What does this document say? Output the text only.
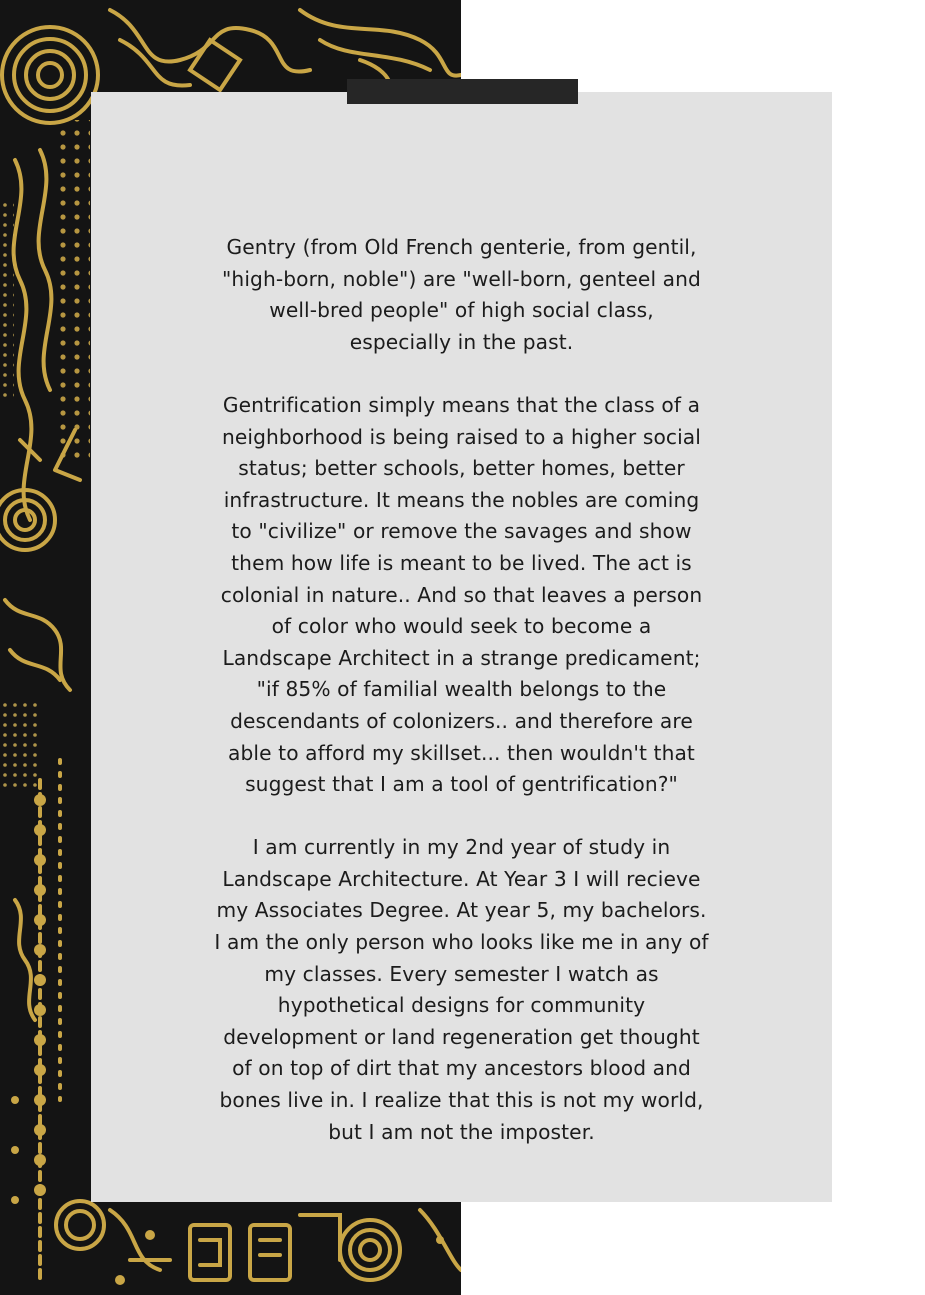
Gentry (from Old French genterie, from gentil,
"high-born, noble") are "well-born, genteel and
well-bred people" of high social class,
especially in the past.

Gentrification simply means that the class of a
neighborhood is being raised to a higher social
status; better schools, better homes, better
infrastructure. It means the nobles are coming
to "civilize" or remove the savages and show
them how life is meant to be lived. The act is
colonial in nature.. And so that leaves a person
of color who would seek to become a
Landscape Architect in a strange predicament;
"if 85% of familial wealth belongs to the
descendants of colonizers.. and therefore are
able to afford my skillset... then wouldn't that
suggest that I am a tool of gentrification?"

I am currently in my 2nd year of study in
Landscape Architecture. At Year 3 I will recieve
my Associates Degree. At year 5, my bachelors.
I am the only person who looks like me in any of
my classes. Every semester I watch as
hypothetical designs for community
development or land regeneration get thought
of on top of dirt that my ancestors blood and
bones live in. I realize that this is not my world,
but I am not the imposter.
